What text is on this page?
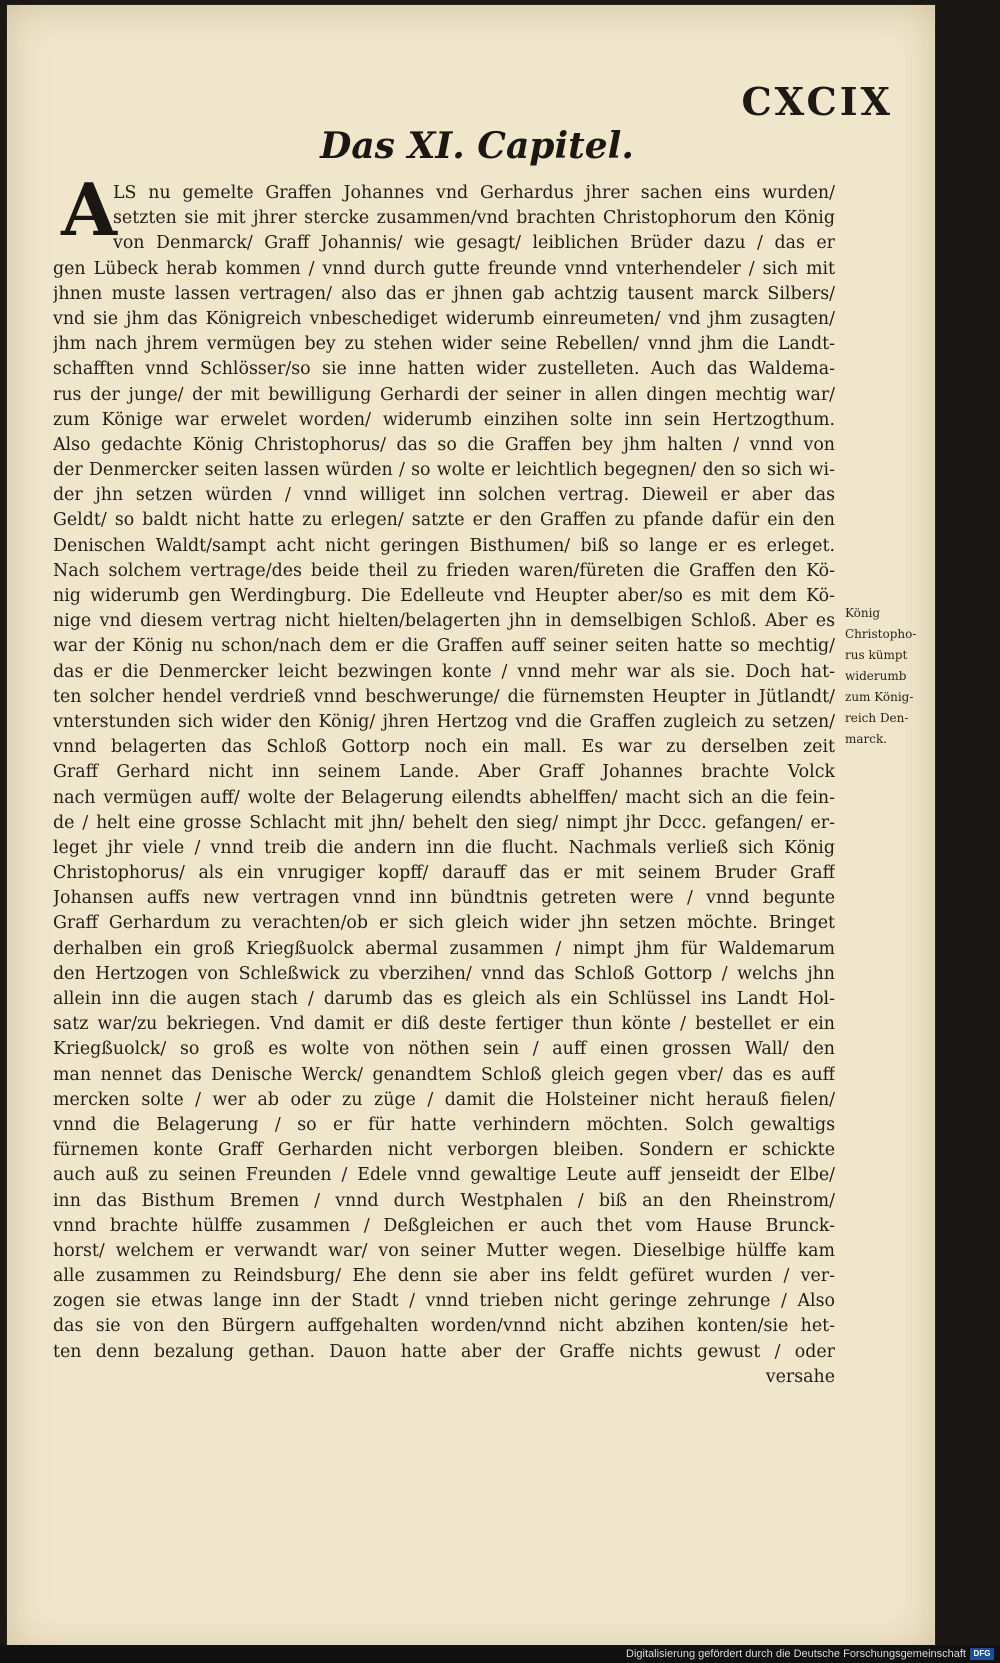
CXCIX
Das XI. Capitel.
A
LS nu gemelte Graffen Johannes vnd Gerhardus jhrer sachen eins wurden/
setzten sie mit jhrer stercke zusammen/vnd brachten Christophorum den König
von Denmarck/ Graff Johannis/ wie gesagt/ leiblichen Brüder dazu / das er
gen Lübeck herab kommen / vnnd durch gutte freunde vnnd vnterhendeler / sich mit
jhnen muste lassen vertragen/ also das er jhnen gab achtzig tausent marck Silbers/
vnd sie jhm das Königreich vnbeschediget widerumb einreumeten/ vnd jhm zusagten/
jhm nach jhrem vermügen bey zu stehen wider seine Rebellen/ vnnd jhm die Landt-
schafften vnnd Schlösser/so sie inne hatten wider zustelleten. Auch das Waldema-
rus der junge/ der mit bewilligung Gerhardi der seiner in allen dingen mechtig war/
zum Könige war erwelet worden/ widerumb einzihen solte inn sein Hertzogthum.
Also gedachte König Christophorus/ das so die Graffen bey jhm halten / vnnd von
der Denmercker seiten lassen würden / so wolte er leichtlich begegnen/ den so sich wi-
der jhn setzen würden / vnnd williget inn solchen vertrag. Dieweil er aber das
Geldt/ so baldt nicht hatte zu erlegen/ satzte er den Graffen zu pfande dafür ein den
Denischen Waldt/sampt acht nicht geringen Bisthumen/ biß so lange er es erleget.
Nach solchem vertrage/des beide theil zu frieden waren/füreten die Graffen den Kö-
nig widerumb gen Werdingburg. Die Edelleute vnd Heupter aber/so es mit dem Kö-
nige vnd diesem vertrag nicht hielten/belagerten jhn in demselbigen Schloß. Aber es
war der König nu schon/nach dem er die Graffen auff seiner seiten hatte so mechtig/
das er die Denmercker leicht bezwingen konte / vnnd mehr war als sie. Doch hat-
ten solcher hendel verdrieß vnnd beschwerunge/ die fürnemsten Heupter in Jütlandt/
vnterstunden sich wider den König/ jhren Hertzog vnd die Graffen zugleich zu setzen/
vnnd belagerten das Schloß Gottorp noch ein mall. Es war zu derselben zeit
Graff Gerhard nicht inn seinem Lande. Aber Graff Johannes brachte Volck
nach vermügen auff/ wolte der Belagerung eilendts abhelffen/ macht sich an die fein-
de / helt eine grosse Schlacht mit jhn/ behelt den sieg/ nimpt jhr Dccc. gefangen/ er-
leget jhr viele / vnnd treib die andern inn die flucht. Nachmals verließ sich König
Christophorus/ als ein vnrugiger kopff/ darauff das er mit seinem Bruder Graff
Johansen auffs new vertragen vnnd inn bündtnis getreten were / vnnd begunte
Graff Gerhardum zu verachten/ob er sich gleich wider jhn setzen möchte. Bringet
derhalben ein groß Kriegßuolck abermal zusammen / nimpt jhm für Waldemarum
den Hertzogen von Schleßwick zu vberzihen/ vnnd das Schloß Gottorp / welchs jhn
allein inn die augen stach / darumb das es gleich als ein Schlüssel ins Landt Hol-
satz war/zu bekriegen. Vnd damit er diß deste fertiger thun könte / bestellet er ein
Kriegßuolck/ so groß es wolte von nöthen sein / auff einen grossen Wall/ den
man nennet das Denische Werck/ genandtem Schloß gleich gegen vber/ das es auff
mercken solte / wer ab oder zu züge / damit die Holsteiner nicht herauß fielen/
vnnd die Belagerung / so er für hatte verhindern möchten. Solch gewaltigs
fürnemen konte Graff Gerharden nicht verborgen bleiben. Sondern er schickte
auch auß zu seinen Freunden / Edele vnnd gewaltige Leute auff jenseidt der Elbe/
inn das Bisthum Bremen / vnnd durch Westphalen / biß an den Rheinstrom/
vnnd brachte hülffe zusammen / Deßgleichen er auch thet vom Hause Brunck-
horst/ welchem er verwandt war/ von seiner Mutter wegen. Dieselbige hülffe kam
alle zusammen zu Reindsburg/ Ehe denn sie aber ins feldt gefüret wurden / ver-
zogen sie etwas lange inn der Stadt / vnnd trieben nicht geringe zehrunge / Also
das sie von den Bürgern auffgehalten worden/vnnd nicht abzihen konten/sie het-
ten denn bezalung gethan. Dauon hatte aber der Graffe nichts gewust / oder
versahe
König
Christopho-
rus kümpt
widerumb
zum König-
reich Den-
marck.
Digitalisierung gefördert durch die Deutsche Forschungsgemeinschaft DFG
